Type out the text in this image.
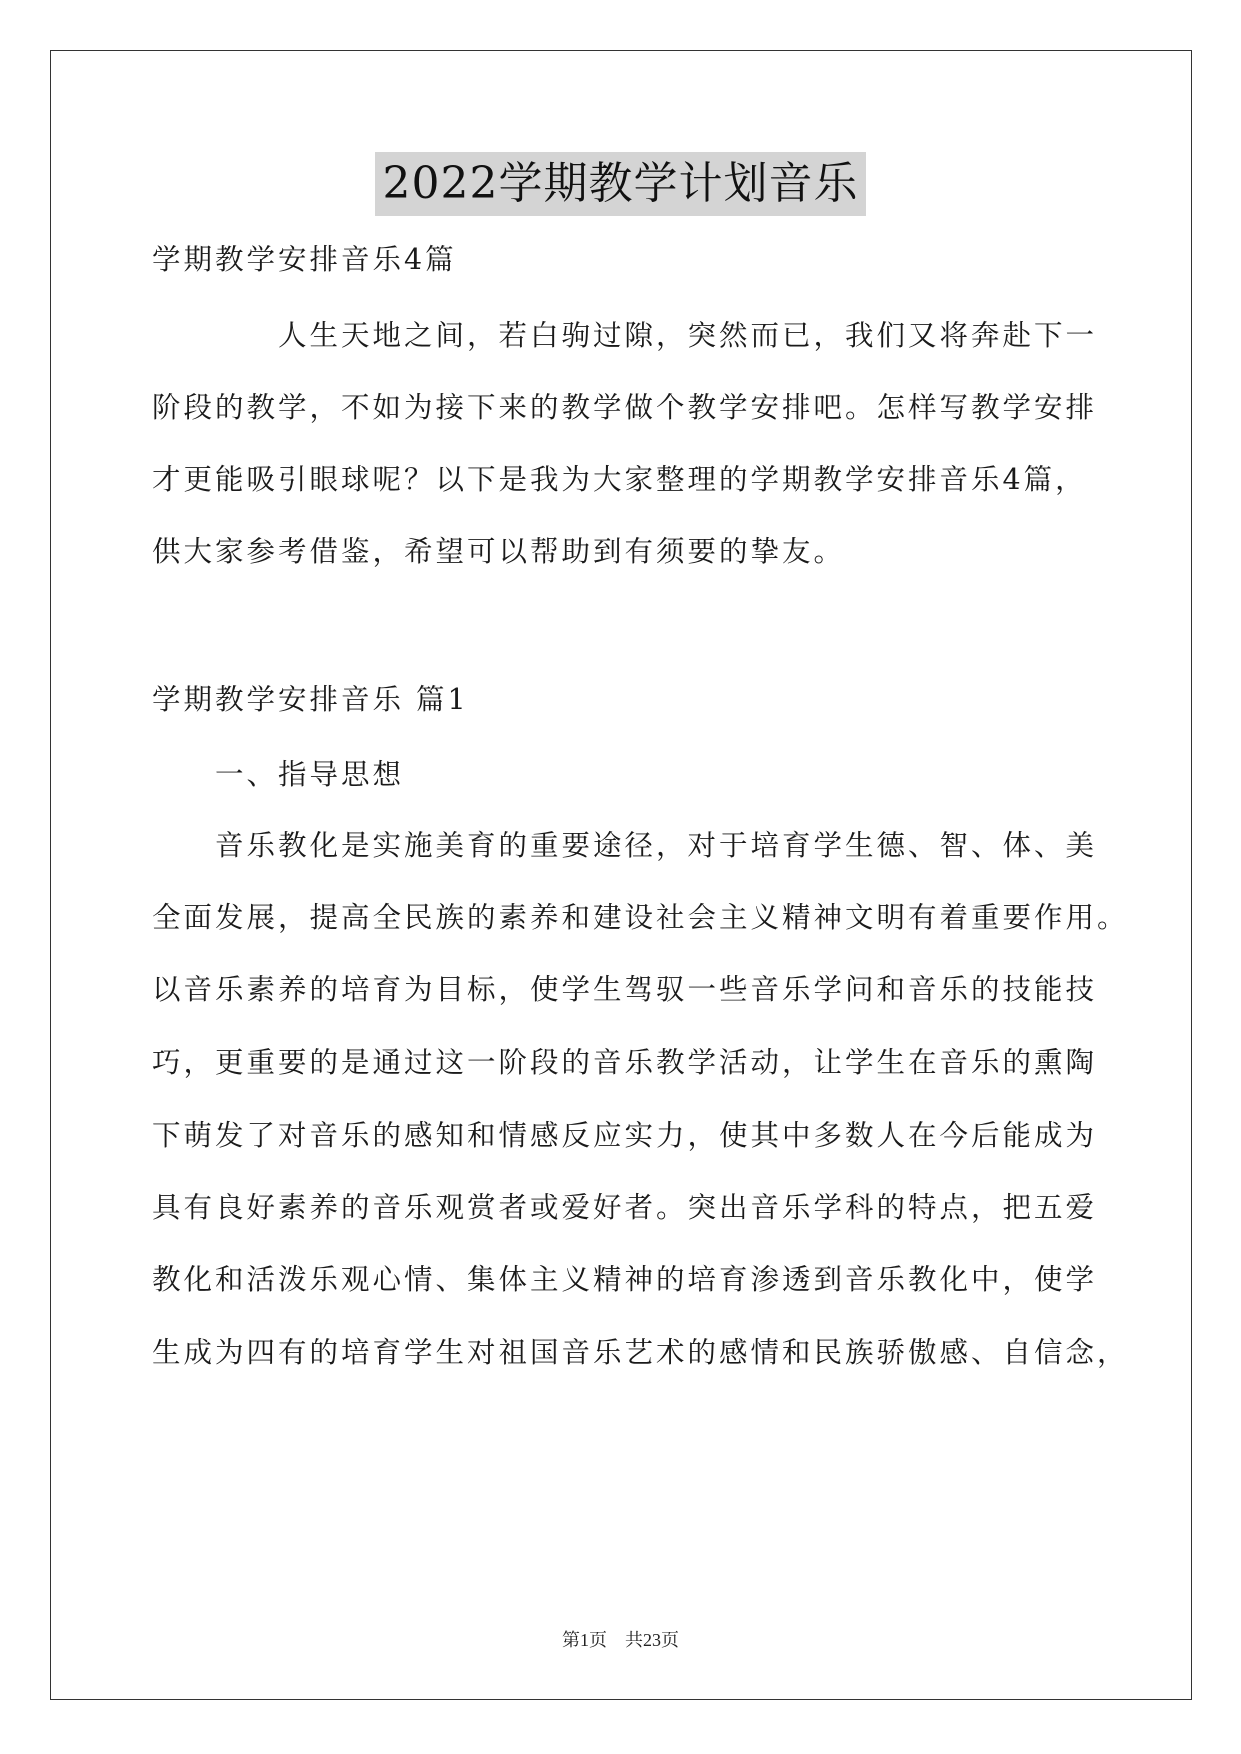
2022学期教学计划音乐
学期教学安排音乐4篇
　　　　人生天地之间，若白驹过隙，突然而已，我们又将奔赴下一
阶段的教学，不如为接下来的教学做个教学安排吧。怎样写教学安排
才更能吸引眼球呢？以下是我为大家整理的学期教学安排音乐4篇，
供大家参考借鉴，希望可以帮助到有须要的挚友。
学期教学安排音乐 篇1
　　一、指导思想
　　音乐教化是实施美育的重要途径，对于培育学生德、智、体、美
全面发展，提高全民族的素养和建设社会主义精神文明有着重要作用。
以音乐素养的培育为目标，使学生驾驭一些音乐学问和音乐的技能技
巧，更重要的是通过这一阶段的音乐教学活动，让学生在音乐的熏陶
下萌发了对音乐的感知和情感反应实力，使其中多数人在今后能成为
具有良好素养的音乐观赏者或爱好者。突出音乐学科的特点，把五爱
教化和活泼乐观心情、集体主义精神的培育渗透到音乐教化中，使学
生成为四有的培育学生对祖国音乐艺术的感情和民族骄傲感、自信念，
第1页 共23页
